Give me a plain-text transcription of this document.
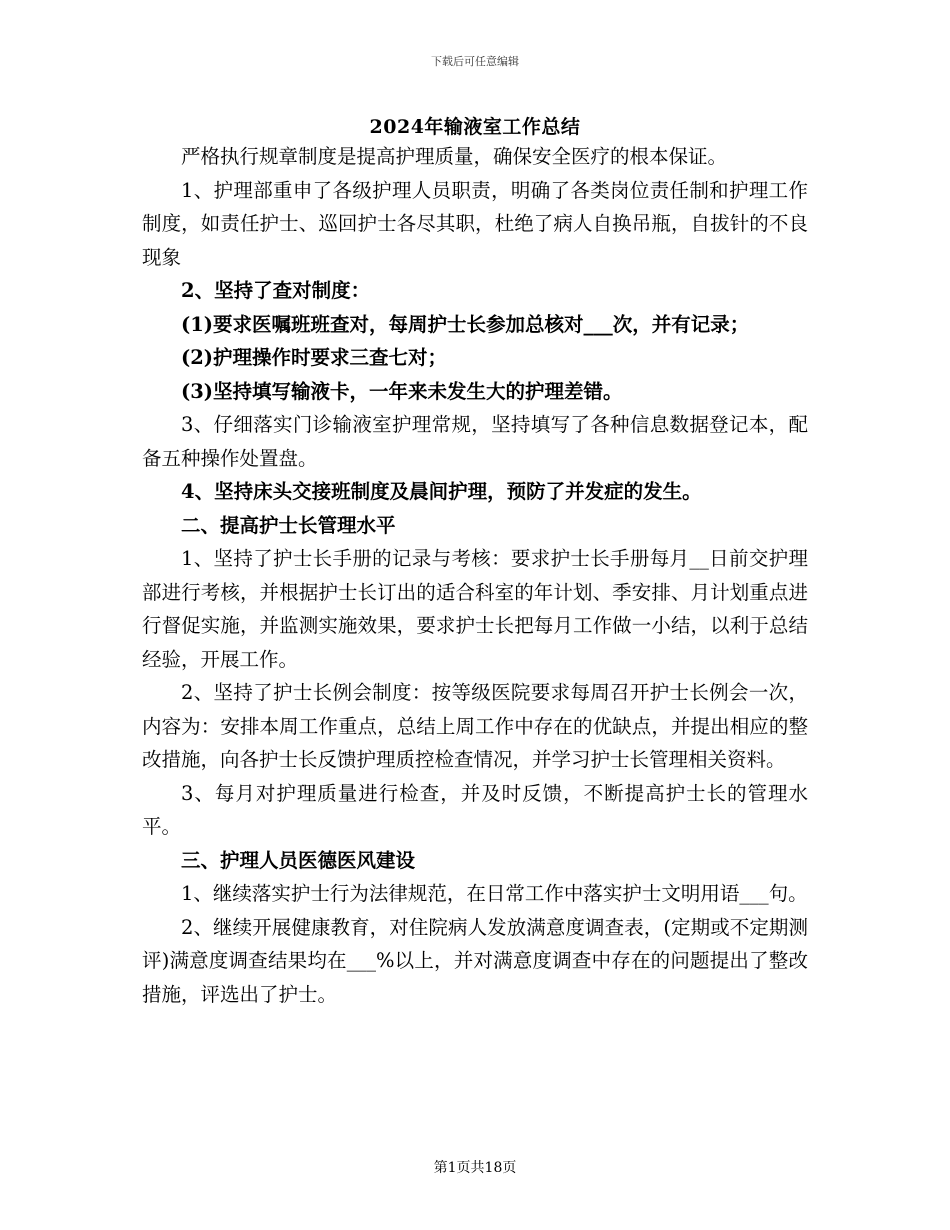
下载后可任意编辑
2024年输液室工作总结

严格执行规章制度是提高护理质量，确保安全医疗的根本保证。

1、护理部重申了各级护理人员职责，明确了各类岗位责任制和护理工作制度，如责任护士、巡回护士各尽其职，杜绝了病人自换吊瓶，自拔针的不良现象

2、坚持了查对制度：

(1)要求医嘱班班查对，每周护士长参加总核对___次，并有记录；

(2)护理操作时要求三查七对；

(3)坚持填写输液卡，一年来未发生大的护理差错。

3、仔细落实门诊输液室护理常规，坚持填写了各种信息数据登记本，配备五种操作处置盘。

4、坚持床头交接班制度及晨间护理，预防了并发症的发生。

二、提高护士长管理水平

1、坚持了护士长手册的记录与考核：要求护士长手册每月__日前交护理部进行考核，并根据护士长订出的适合科室的年计划、季安排、月计划重点进行督促实施，并监测实施效果，要求护士长把每月工作做一小结，以利于总结经验，开展工作。

2、坚持了护士长例会制度：按等级医院要求每周召开护士长例会一次，内容为：安排本周工作重点，总结上周工作中存在的优缺点，并提出相应的整改措施，向各护士长反馈护理质控检查情况，并学习护士长管理相关资料。

3、每月对护理质量进行检查，并及时反馈，不断提高护士长的管理水平。

三、护理人员医德医风建设

1、继续落实护士行为法律规范，在日常工作中落实护士文明用语___句。

2、继续开展健康教育，对住院病人发放满意度调查表，(定期或不定期测评)满意度调查结果均在___%以上，并对满意度调查中存在的问题提出了整改措施，评选出了护士。

第1页共18页
